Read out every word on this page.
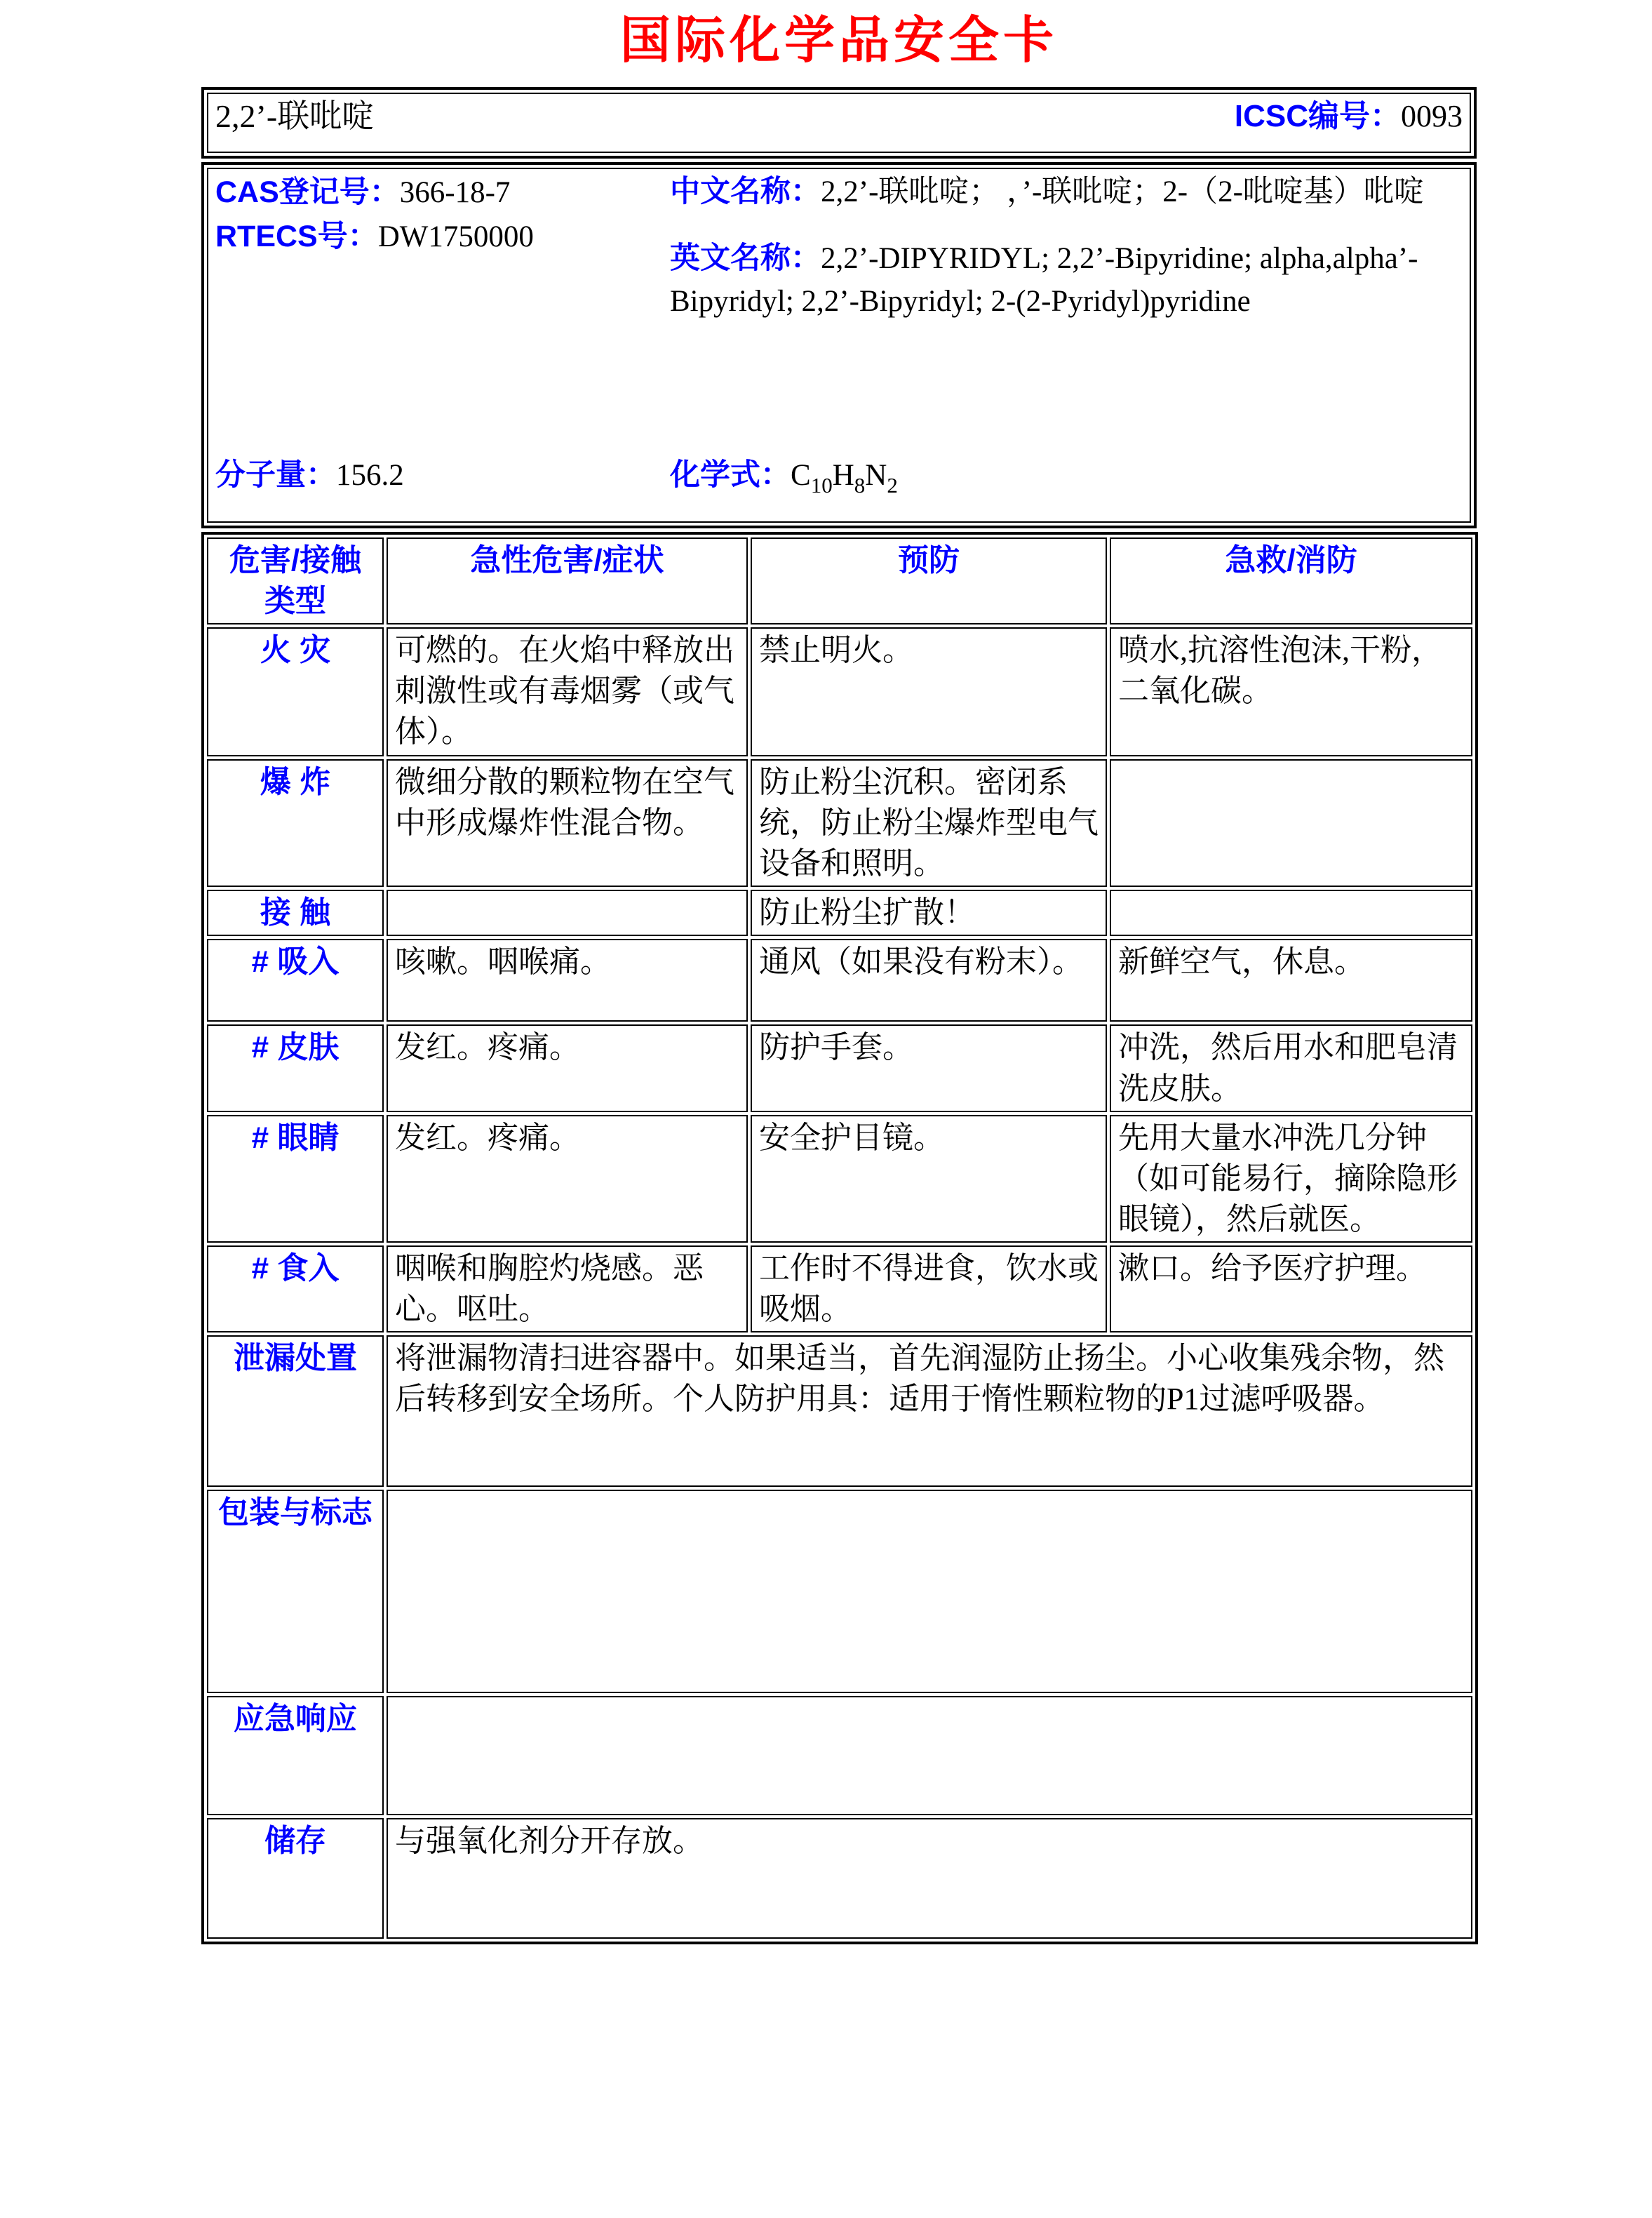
国际化学品安全卡
2,2’-联吡啶	ICSC编号：0093
CAS登记号：366-18-7
RTECS号：DW1750000

中文名称：2,2’-联吡啶； ，’-联吡啶；2-（2-吡啶基）吡啶

英文名称：2,2’-DIPYRIDYL; 2,2’-Bipyridine; alpha,alpha’-Bipyridyl; 2,2’-Bipyridyl; 2-(2-Pyridyl)pyridine

分子量：156.2	化学式：$C_{10}H_8N_2$
危害/接触类型	急性危害/症状	预防	急救/消防
火 灾	可燃的。在火焰中释放出刺激性或有毒烟雾（或气体）。	禁止明火。	喷水,抗溶性泡沫,干粉，二氧化碳。
爆 炸	微细分散的颗粒物在空气中形成爆炸性混合物。	防止粉尘沉积。密闭系统，防止粉尘爆炸型电气设备和照明。	
接 触		防止粉尘扩散！	
# 吸入	咳嗽。咽喉痛。	通风（如果没有粉末）。	新鲜空气，休息。
# 皮肤	发红。疼痛。	防护手套。	冲洗，然后用水和肥皂清洗皮肤。
# 眼睛	发红。疼痛。	安全护目镜。	先用大量水冲洗几分钟（如可能易行，摘除隐形眼镜），然后就医。
# 食入	咽喉和胸腔灼烧感。恶心。呕吐。	工作时不得进食，饮水或吸烟。	漱口。给予医疗护理。
泄漏处置	将泄漏物清扫进容器中。如果适当，首先润湿防止扬尘。小心收集残余物，然后转移到安全场所。个人防护用具：适用于惰性颗粒物的P1过滤呼吸器。		
包装与标志			
应急响应			
储存	与强氧化剂分开存放。		
